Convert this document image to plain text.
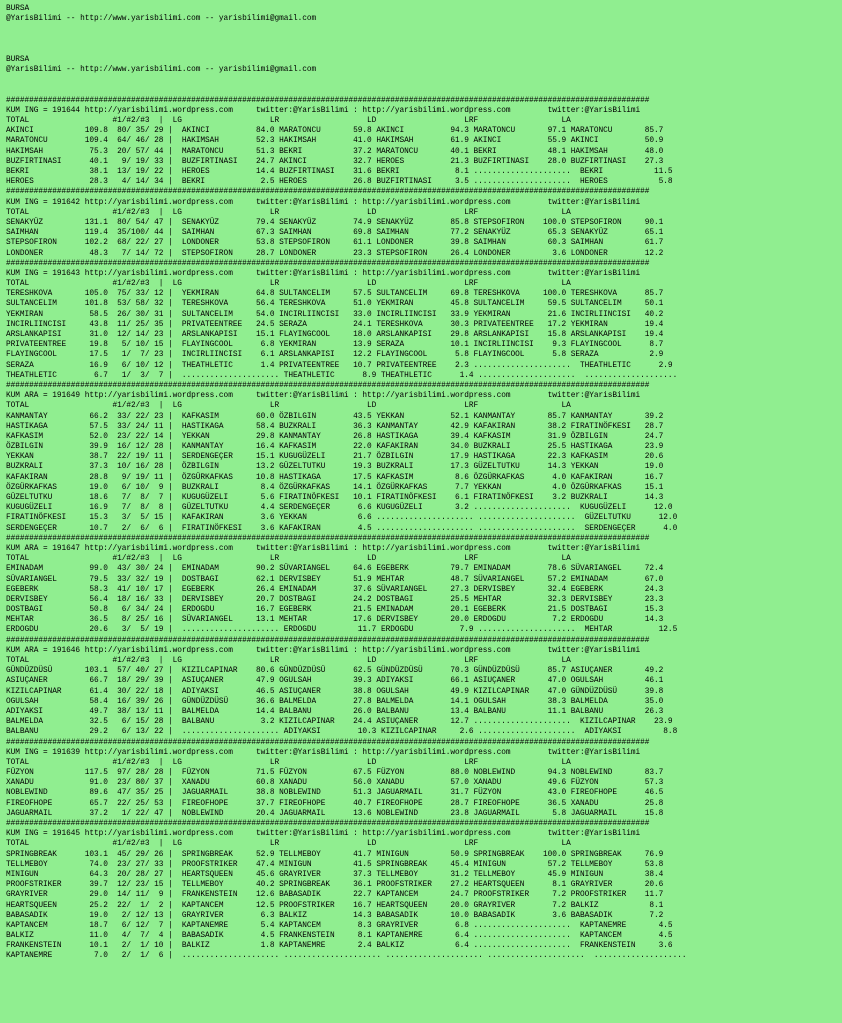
BURSA
@YarisBilimi -- http://www.yarisbilimi.com -- yarisbilimi@gmail.com

BURSA
@YarisBilimi -- http://www.yarisbilimi.com -- yarisbilimi@gmail.com

###########################################################################################################################################
KUM ING = 191644 http://yarisbilimi.wordpress.com     twitter:@YarisBilimi : http://yarisbilimi.wordpress.com        twitter:@YarisBilimi
TOTAL                  #1/#2/#3  |  LG                   LR                   LD                   LRF                  LA
AKINCI           109.8  80/ 35/ 29 |  AKINCI          84.0 MARATONCU       59.8 AKINCI          94.3 MARATONCU       97.1 MARATONCU       85.7
MARATONCU        109.4  64/ 46/ 28 |  HAKIMSAH        52.3 HAKIMSAH        41.0 HAKIMSAH        61.9 AKINCI          55.9 AKINCI          50.9
HAKIMSAH          75.3  20/ 57/ 44 |  MARATONCU       51.3 BEKRI           37.2 MARATONCU       40.1 BEKRI           48.1 HAKIMSAH        48.0
BUZFIRTINASI      40.1   9/ 19/ 33 |  BUZFIRTINASI    24.7 AKINCI          32.7 HEROES          21.3 BUZFIRTINASI    28.0 BUZFIRTINASI    27.3
BEKRI             38.1  13/ 19/ 22 |  HEROES          14.4 BUZFIRTINASI    31.6 BEKRI            8.1 .....................  BEKRI           11.5
HEROES            28.3   4/ 14/ 34 |  BEKRI            2.5 HEROES          26.8 BUZFIRTINASI     3.5 .....................  HEROES           5.8
###########################################################################################################################################
KUM ING = 191642 http://yarisbilimi.wordpress.com     twitter:@YarisBilimi : http://yarisbilimi.wordpress.com        twitter:@YarisBilimi
TOTAL                  #1/#2/#3  |  LG                   LR                   LD                   LRF                  LA
SENAKYÜZ         131.1  80/ 54/ 47 |  SENAKYÜZ        79.4 SENAKYÜZ        74.9 SENAKYÜZ        85.8 STEPSOFIRON    100.0 STEPSOFIRON     90.1
SAIMHAN          119.4  35/100/ 44 |  SAIMHAN         67.3 SAIMHAN         69.8 SAIMHAN         77.2 SENAKYÜZ        65.3 SENAKYÜZ        65.1
STEPSOFIRON      102.2  68/ 22/ 27 |  LONDONER        53.8 STEPSOFIRON     61.1 LONDONER        39.8 SAIMHAN         60.3 SAIMHAN         61.7
LONDONER          48.3   7/ 14/ 72 |  STEPSOFIRON     28.7 LONDONER        23.3 STEPSOFIRON     26.4 LONDONER         3.6 LONDONER        12.2
###########################################################################################################################################
KUM ING = 191643 http://yarisbilimi.wordpress.com     twitter:@YarisBilimi : http://yarisbilimi.wordpress.com        twitter:@YarisBilimi
TOTAL                  #1/#2/#3  |  LG                   LR                   LD                   LRF                  LA
TERESHKOVA       105.0  75/ 33/ 12 |  YEKMIRAN        64.8 SULTANCELIM     57.5 SULTANCELIM     69.8 TERESHKOVA     100.0 TERESHKOVA      85.7
SULTANCELIM      101.8  53/ 58/ 32 |  TERESHKOVA      56.4 TERESHKOVA      51.0 YEKMIRAN        45.8 SULTANCELIM     59.5 SULTANCELIM     50.1
YEKMIRAN          58.5  26/ 30/ 31 |  SULTANCELIM     54.0 INCIRLIINCISI   33.0 INCIRLIINCISI   33.9 YEKMIRAN        21.6 INCIRLIINCISI   40.2
INCIRLIINCISI     43.8  11/ 25/ 35 |  PRIVATEENTREE   24.5 SERAZA          24.1 TERESHKOVA      30.3 PRIVATEENTREE   17.2 YEKMIRAN        19.4
ARSLANKAPISI      31.0  12/ 14/ 23 |  ARSLANKAPISI    15.1 FLAYINGCOOL     18.0 ARSLANKAPISI    29.8 ARSLANKAPISI    15.8 ARSLANKAPISI    19.4
PRIVATEENTREE     19.8   5/ 10/ 15 |  FLAYINGCOOL      6.8 YEKMIRAN        13.9 SERAZA          10.1 INCIRLIINCISI    9.3 FLAYINGCOOL      8.7
FLAYINGCOOL       17.5   1/  7/ 23 |  INCIRLIINCISI    6.1 ARSLANKAPISI    12.2 FLAYINGCOOL      5.8 FLAYINGCOOL      5.8 SERAZA           2.9
SERAZA            16.9   6/ 10/ 12 |  THEATHLETIC      1.4 PRIVATEENTREE   10.7 PRIVATEENTREE    2.3 .....................  THEATHLETIC      2.9
THEATHLETIC        6.7   1/  3/  7 |  ..................... THEATHLETIC      8.9 THEATHLETIC      1.4 .....................  ....................
###########################################################################################################################################
KUM ARA = 191649 http://yarisbilimi.wordpress.com     twitter:@YarisBilimi : http://yarisbilimi.wordpress.com        twitter:@YarisBilimi
TOTAL                  #1/#2/#3  |  LG                   LR                   LD                   LRF                  LA
KANMANTAY         66.2  33/ 22/ 23 |  KAFKASIM        60.0 ÖZBILGIN        43.5 YEKKAN          52.1 KANMANTAY       85.7 KANMANTAY       39.2
HASTIKAGA         57.5  33/ 24/ 11 |  HASTIKAGA       58.4 BUZKRALI        36.3 KANMANTAY       42.9 KAFAKIRAN       38.2 FIRATINÖFKESI   28.7
KAFKASIM          52.0  23/ 22/ 14 |  YEKKAN          29.8 KANMANTAY       26.8 HASTIKAGA       39.4 KAFKASIM        31.9 ÖZBILGIN        24.7
ÖZBILGIN          39.9  16/ 12/ 28 |  KANMANTAY       16.4 KAFKASIM        22.0 KAFAKIRAN       34.0 BUZKRALI        25.5 HASTIKAGA       23.9
YEKKAN            38.7  22/ 19/ 11 |  SERDENGEÇER     15.1 KUGUGÜZELI      21.7 ÖZBILGIN        17.9 HASTIKAGA       22.3 KAFKASIM        20.6
BUZKRALI          37.3  10/ 16/ 28 |  ÖZBILGIN        13.2 GÜZELTUTKU      19.3 BUZKRALI        17.3 GÜZELTUTKU      14.3 YEKKAN          19.0
KAFAKIRAN         28.8   9/ 19/ 11 |  ÖZGÜRKAFKAS     10.8 HASTIKAGA       17.5 KAFKASIM         8.6 ÖZGÜRKAFKAS      4.0 KAFAKIRAN       16.7
ÖZGÜRKAFKAS       19.0   6/ 10/  9 |  BUZKRALI         8.4 ÖZGÜRKAFKAS     14.1 ÖZGÜRKAFKAS      7.7 YEKKAN           4.0 ÖZGÜRKAFKAS     15.1
GÜZELTUTKU        18.6   7/  8/  7 |  KUGUGÜZELI       5.6 FIRATINÖFKESI   10.1 FIRATINÖFKESI    6.1 FIRATINÖFKESI    3.2 BUZKRALI        14.3
KUGUGÜZELI        16.9   7/  8/  8 |  GÜZELTUTKU       4.4 SERDENGEÇER      6.6 KUGUGÜZELI       3.2 .....................  KUGUGÜZELI      12.0
FIRATINÖFKESI     15.3   3/  5/ 15 |  KAFAKIRAN        3.6 YEKKAN           6.6 ..................... .....................  GÜZELTUTKU      12.0
SERDENGEÇER       10.7   2/  6/  6 |  FIRATINÖFKESI    3.6 KAFAKIRAN        4.5 ..................... .....................  SERDENGEÇER      4.0
###########################################################################################################################################
KUM ARA = 191647 http://yarisbilimi.wordpress.com     twitter:@YarisBilimi : http://yarisbilimi.wordpress.com        twitter:@YarisBilimi
TOTAL                  #1/#2/#3  |  LG                   LR                   LD                   LRF                  LA
EMINADAM          99.0  43/ 30/ 24 |  EMINADAM        90.2 SÜVARIANGEL     64.6 EGEBERK         79.7 EMINADAM        78.6 SÜVARIANGEL     72.4
SÜVARIANGEL       79.5  33/ 32/ 19 |  DOSTBAGI        62.1 DERVISBEY       51.9 MEHTAR          48.7 SÜVARIANGEL     57.2 EMINADAM        67.0
EGEBERK           58.3  41/ 10/ 17 |  EGEBERK         26.4 EMINADAM        37.6 SÜVARIANGEL     27.3 DERVISBEY       32.4 EGEBERK         24.3
DERVISBEY         56.4  18/ 16/ 33 |  DERVISBEY       20.7 DOSTBAGI        24.2 DOSTBAGI        25.5 MEHTAR          32.3 DERVISBEY       23.3
DOSTBAGI          50.8   6/ 34/ 24 |  ERDOGDU         16.7 EGEBERK         21.5 EMINADAM        20.1 EGEBERK         21.5 DOSTBAGI        15.3
MEHTAR            36.5   8/ 25/ 16 |  SÜVARIANGEL     13.1 MEHTAR          17.6 DERVISBEY       20.0 ERDOGDU          7.2 ERDOGDU         14.3
ERDOGDU           20.6   3/  5/ 19 |  ..................... ERDOGDU         11.7 ERDOGDU          7.9 .....................  MEHTAR          12.5
###########################################################################################################################################
KUM ARA = 191646 http://yarisbilimi.wordpress.com     twitter:@YarisBilimi : http://yarisbilimi.wordpress.com        twitter:@YarisBilimi
TOTAL                  #1/#2/#3  |  LG                   LR                   LD                   LRF                  LA
GÜNDÜZDÜSÜ       103.1  57/ 40/ 27 |  KIZILCAPINAR    80.6 GÜNDÜZDÜSÜ      62.5 GÜNDÜZDÜSÜ      70.3 GÜNDÜZDÜSÜ      85.7 ASIUÇANER       49.2
ASIUÇANER         66.7  18/ 29/ 39 |  ASIUÇANER       47.9 OGULSAH         39.3 ADIYAKSI        66.1 ASIUÇANER       47.0 OGULSAH         46.1
KIZILCAPINAR      61.4  30/ 22/ 18 |  ADIYAKSI        46.5 ASIUÇANER       38.8 OGULSAH         49.9 KIZILCAPINAR    47.0 GÜNDÜZDÜSÜ      39.8
OGULSAH           58.4  16/ 39/ 26 |  GÜNDÜZDÜSÜ      36.6 BALMELDA        27.8 BALMELDA        14.1 OGULSAH         38.3 BALMELDA        35.0
ADIYAKSI          49.7  38/ 13/ 11 |  BALMELDA        14.4 BALBANU         26.0 BALBANU         13.4 BALBANU         11.1 BALBANU         26.3
BALMELDA          32.5   6/ 15/ 28 |  BALBANU          3.2 KIZILCAPINAR    24.4 ASIUÇANER       12.7 .....................  KIZILCAPINAR    23.9
BALBANU           29.2   6/ 13/ 22 |  ..................... ADIYAKSI        10.3 KIZILCAPINAR     2.6 .....................  ADIYAKSI         8.8
###########################################################################################################################################
KUM ING = 191639 http://yarisbilimi.wordpress.com     twitter:@YarisBilimi : http://yarisbilimi.wordpress.com        twitter:@YarisBilimi
TOTAL                  #1/#2/#3  |  LG                   LR                   LD                   LRF                  LA
FÜZYON           117.5  97/ 28/ 28 |  FÜZYON          71.5 FÜZYON          67.5 FÜZYON          88.0 NOBLEWIND       94.3 NOBLEWIND       83.7
XANADU            91.0  23/ 80/ 37 |  XANADU          60.8 XANADU          56.0 XANADU          57.0 XANADU          49.6 FÜZYON          57.3
NOBLEWIND         89.6  47/ 35/ 25 |  JAGUARMAIL      38.8 NOBLEWIND       51.3 JAGUARMAIL      31.7 FÜZYON          43.0 FIREOFHOPE      46.5
FIREOFHOPE        65.7  22/ 25/ 53 |  FIREOFHOPE      37.7 FIREOFHOPE      40.7 FIREOFHOPE      28.7 FIREOFHOPE      36.5 XANADU          25.8
JAGUARMAIL        37.2   1/ 22/ 47 |  NOBLEWIND       20.4 JAGUARMAIL      13.6 NOBLEWIND       23.8 JAGUARMAIL       5.8 JAGUARMAIL      15.8
###########################################################################################################################################
KUM ING = 191645 http://yarisbilimi.wordpress.com     twitter:@YarisBilimi : http://yarisbilimi.wordpress.com        twitter:@YarisBilimi
TOTAL                  #1/#2/#3  |  LG                   LR                   LD                   LRF                  LA
SPRINGBREAK      103.1  45/ 29/ 26 |  SPRINGBREAK     52.9 TELLMEBOY       41.7 MINIGUN         50.9 SPRINGBREAK    100.0 SPRINGBREAK     76.9
TELLMEBOY         74.0  23/ 27/ 33 |  PROOFSTRIKER    47.4 MINIGUN         41.5 SPRINGBREAK     45.4 MINIGUN         57.2 TELLMEBOY       53.8
MINIGUN           64.3  20/ 28/ 27 |  HEARTSQUEEN     45.6 GRAYRIVER       37.3 TELLMEBOY       31.2 TELLMEBOY       45.9 MINIGUN         38.4
PROOFSTRIKER      39.7  12/ 23/ 15 |  TELLMEBOY       40.2 SPRINGBREAK     36.1 PROOFSTRIKER    27.2 HEARTSQUEEN      8.1 GRAYRIVER       20.6
GRAYRIVER         29.0  14/ 11/  9 |  FRANKENSTEIN    12.6 BABASADIK       22.7 KAPTANCEM       24.7 PROOFSTRIKER     7.2 PROOFSTRIKER    11.7
HEARTSQUEEN       25.2  22/  1/  2 |  KAPTANCEM       12.5 PROOFSTRIKER    16.7 HEARTSQUEEN     20.0 GRAYRIVER        7.2 BALKIZ           8.1
BABASADIK         19.0   2/ 12/ 13 |  GRAYRIVER        6.3 BALKIZ          14.3 BABASADIK       10.0 BABASADIK        3.6 BABASADIK        7.2
KAPTANCEM         18.7   6/ 12/  7 |  KAPTANEMRE       5.4 KAPTANCEM        8.3 GRAYRIVER        6.8 .....................  KAPTANEMRE       4.5
BALKIZ            11.0   4/  7/  4 |  BABASADIK        4.5 FRANKENSTEIN     8.1 KAPTANEMRE       6.4 .....................  KAPTANCEM        4.5
FRANKENSTEIN      10.1   2/  1/ 10 |  BALKIZ           1.8 KAPTANEMRE       2.4 BALKIZ           6.4 .....................  FRANKENSTEIN     3.6
KAPTANEMRE         7.0   2/  1/  6 |  ..................... ..................... ..................... .....................  ....................
